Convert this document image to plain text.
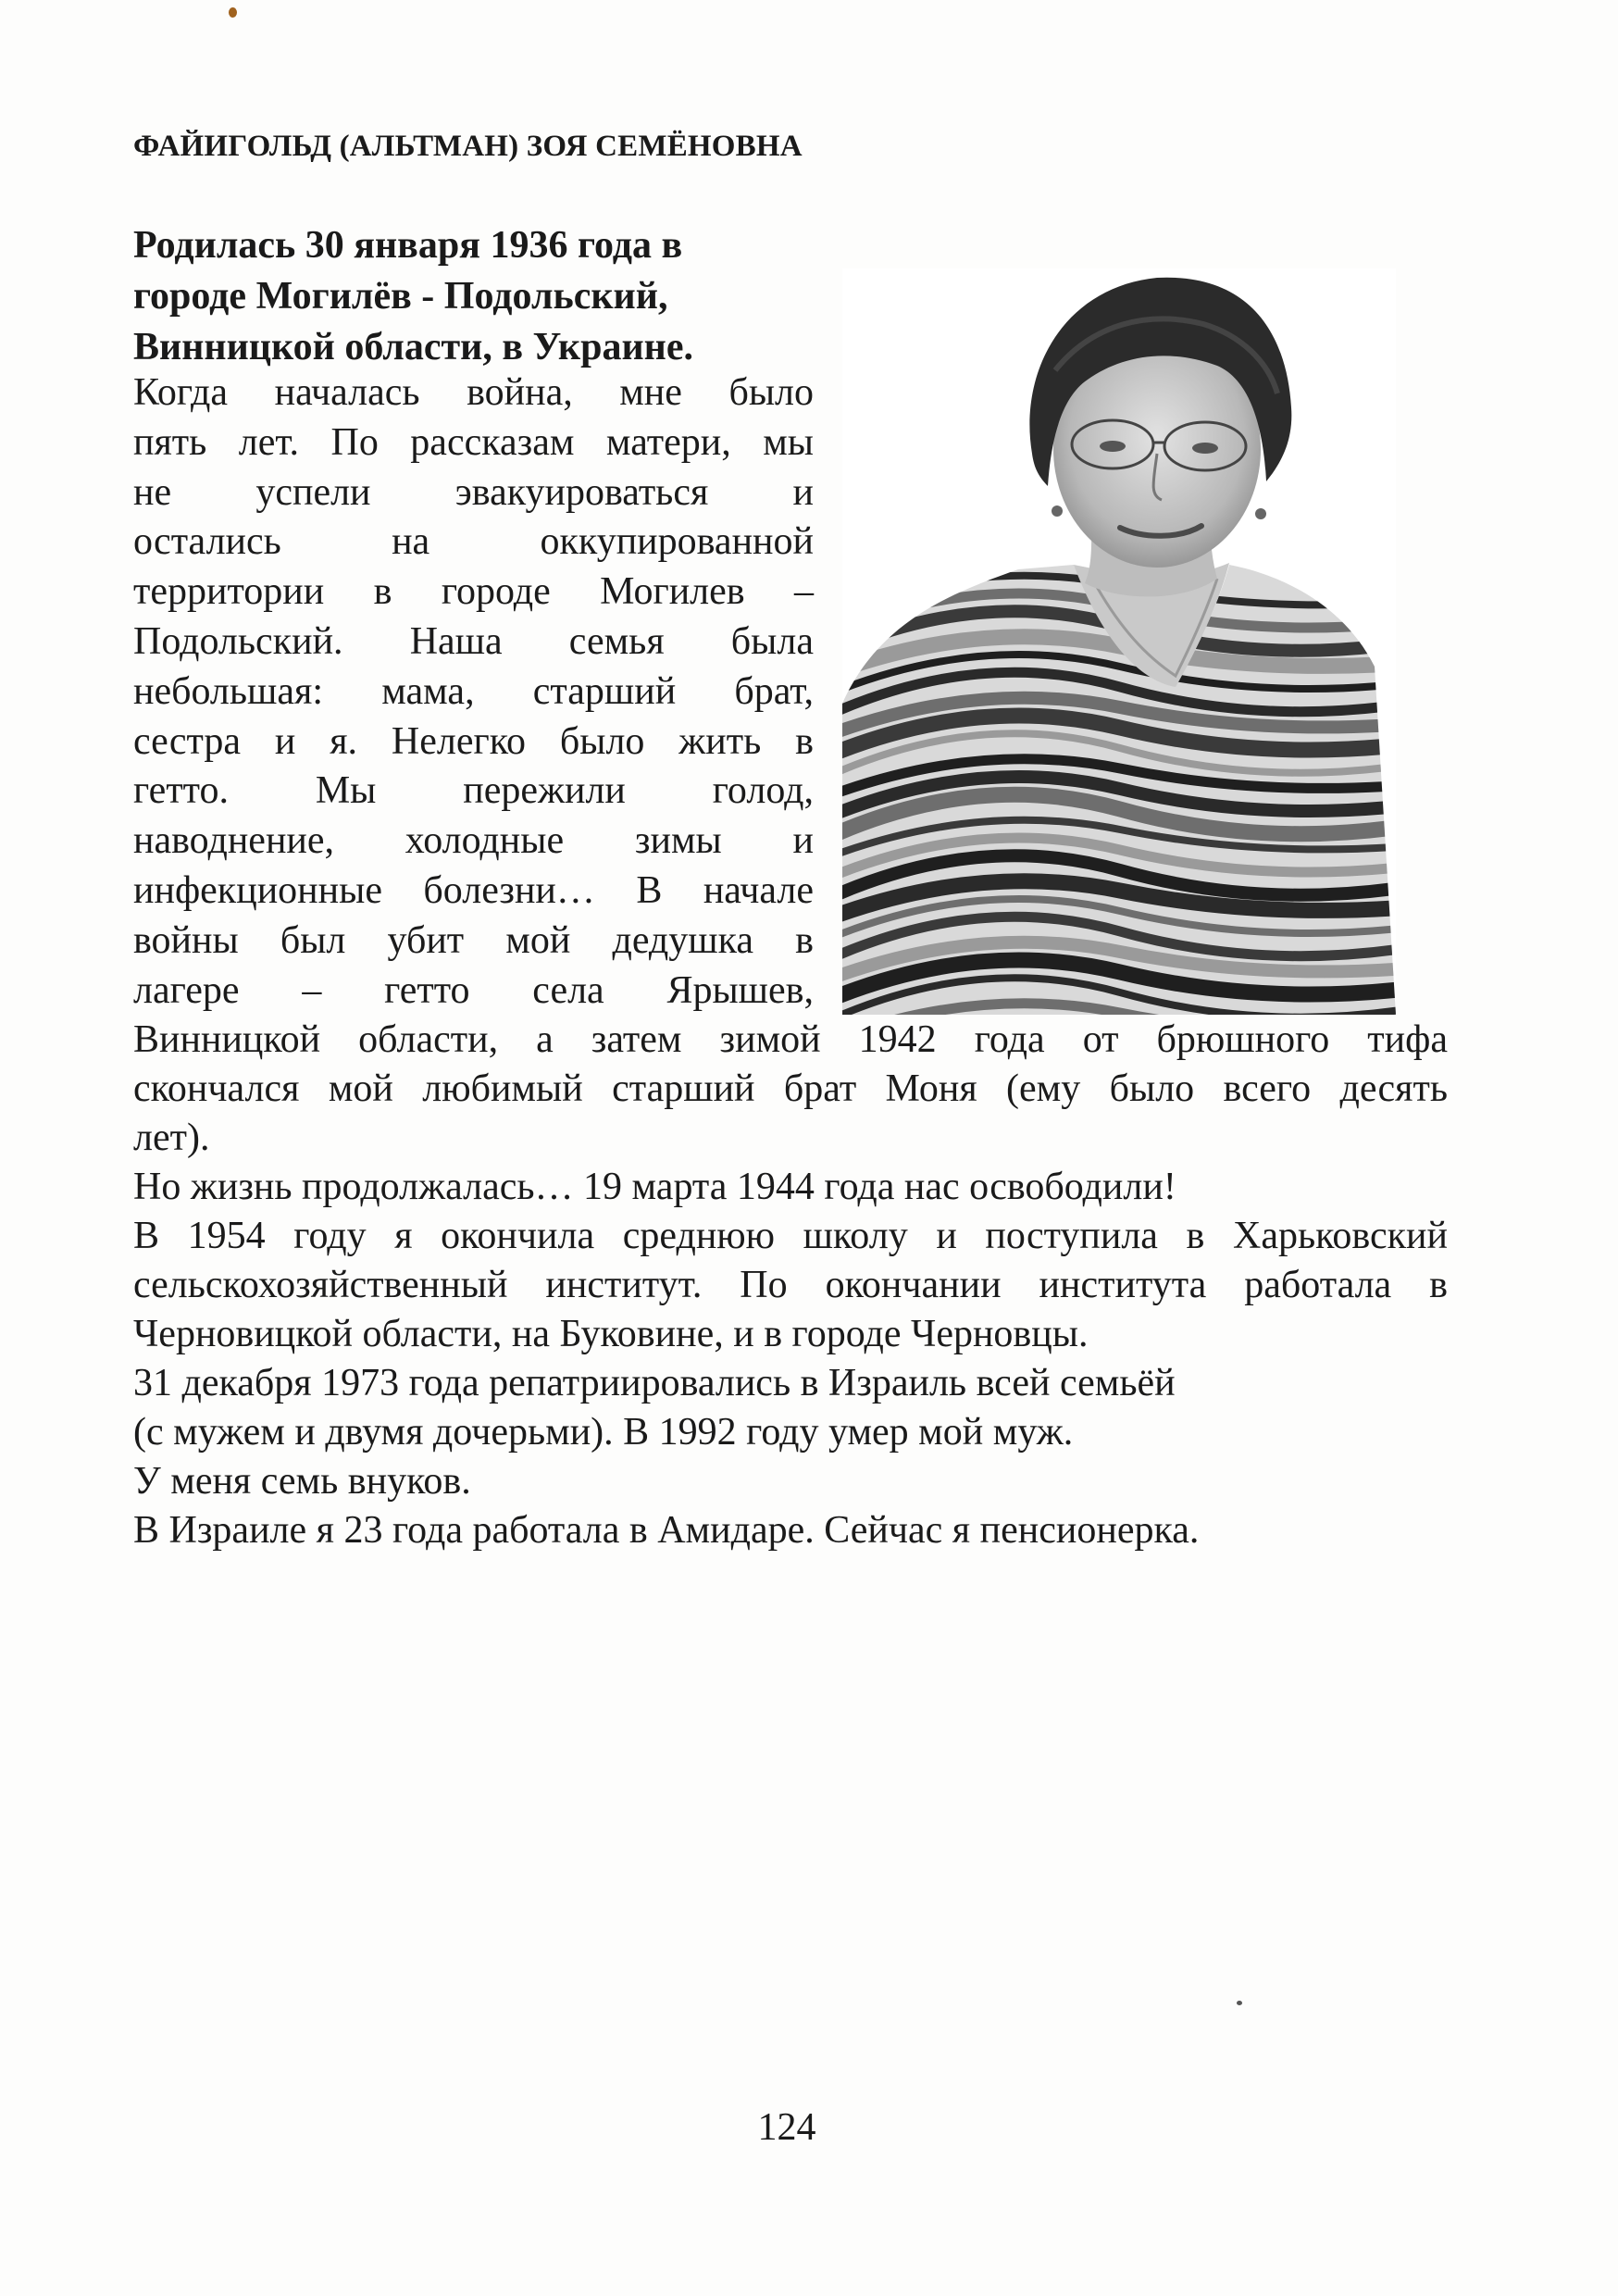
ФАЙИГОЛЬД (АЛЬТМАН) ЗОЯ СЕМЁНОВНА
Родилась 30 января 1936 года в
городе Могилёв - Подольский,
Винницкой области, в Украине.
Когда началась война, мне было
пять лет. По рассказам матери, мы
не успели эвакуироваться и
остались на оккупированной
территории в городе Могилев –
Подольский. Наша семья была
небольшая: мама, старший брат,
сестра и я. Нелегко было жить в
гетто. Мы пережили голод,
наводнение, холодные зимы и
инфекционные болезни… В начале
войны был убит мой дедушка в
лагере – гетто села Ярышев,
Винницкой области, а затем зимой 1942 года от брюшного тифа
скончался мой любимый старший брат Моня (ему было всего десять
лет).
Но жизнь продолжалась… 19 марта 1944 года нас освободили!
В 1954 году я окончила среднюю школу и поступила в Харьковский
сельскохозяйственный институт. По окончании института работала в
Черновицкой области, на Буковине, и в городе Черновцы.
31 декабря 1973 года репатриировались в Израиль всей семьёй
(с мужем и двумя дочерьми). В 1992 году умер мой муж.
У меня семь внуков.
В Израиле я 23 года работала в Амидаре. Сейчас я пенсионерка.
124
